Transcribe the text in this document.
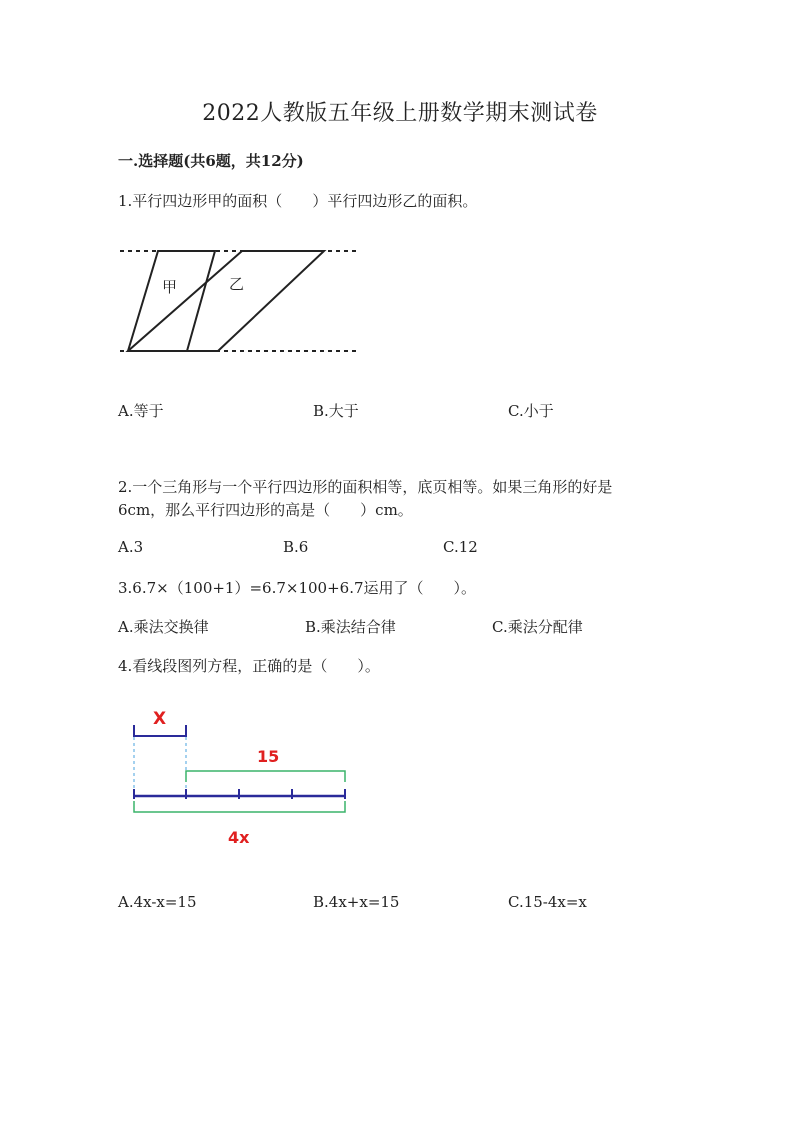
2022人教版五年级上册数学期末测试卷
一.选择题(共6题，共12分)
1.平行四边形甲的面积（　　）平行四边形乙的面积。
甲	乙
A.等于	B.大于	C.小于
2.一个三角形与一个平行四边形的面积相等，底页相等。如果三角形的好是
6cm，那么平行四边形的高是（　　）cm。
A.3	B.6	C.12
3.6.7×（100+1）=6.7×100+6.7运用了（　　）。
A.乘法交换律	B.乘法结合律	C.乘法分配律
4.看线段图列方程，正确的是（　　）。
X
15
4x
A.4x-x=15	B.4x+x=15	C.15-4x=x
